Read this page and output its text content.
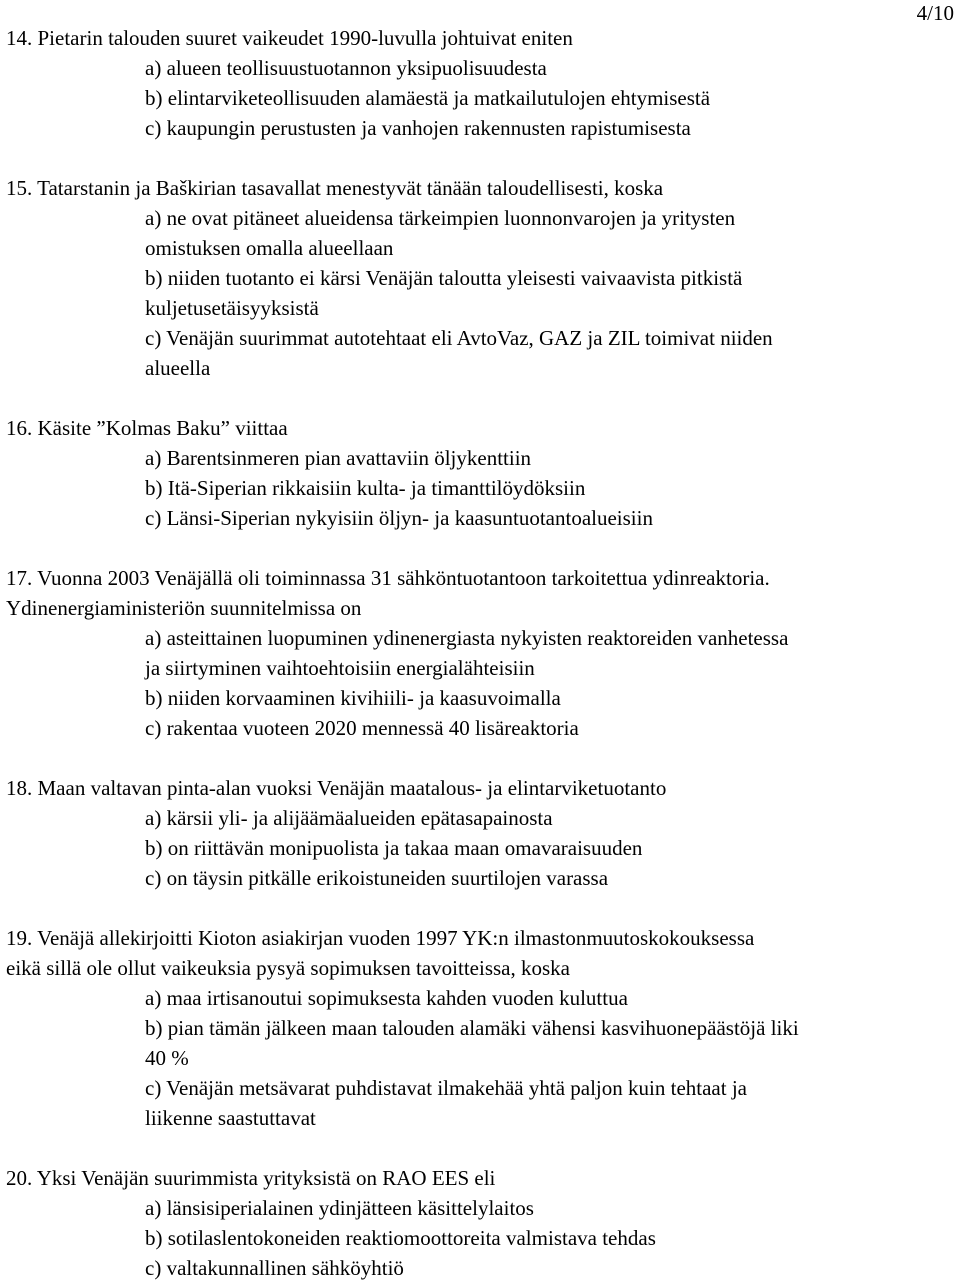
4/10
14. Pietarin talouden suuret vaikeudet 1990-luvulla johtuivat eniten
a) alueen teollisuustuotannon yksipuolisuudesta
b) elintarviketeollisuuden alamäestä ja matkailutulojen ehtymisestä
c) kaupungin perustusten ja vanhojen rakennusten rapistumisesta
15. Tatarstanin ja Baškirian tasavallat menestyvät tänään taloudellisesti, koska
a) ne ovat pitäneet alueidensa tärkeimpien luonnonvarojen ja yritysten
omistuksen omalla alueellaan
b) niiden tuotanto ei kärsi Venäjän taloutta yleisesti vaivaavista pitkistä
kuljetusetäisyyksistä
c) Venäjän suurimmat autotehtaat eli AvtoVaz, GAZ ja ZIL toimivat niiden
alueella
16. Käsite ”Kolmas Baku” viittaa
a) Barentsinmeren pian avattaviin öljykenttiin
b) Itä-Siperian rikkaisiin kulta- ja timanttilöydöksiin
c) Länsi-Siperian nykyisiin öljyn- ja kaasuntuotantoalueisiin
17. Vuonna 2003 Venäjällä oli toiminnassa 31 sähköntuotantoon tarkoitettua ydinreaktoria.
Ydinenergiaministeriön suunnitelmissa on
a) asteittainen luopuminen ydinenergiasta nykyisten reaktoreiden vanhetessa
ja siirtyminen vaihtoehtoisiin energialähteisiin
b) niiden korvaaminen kivihiili- ja kaasuvoimalla
c) rakentaa vuoteen 2020 mennessä 40 lisäreaktoria
18. Maan valtavan pinta-alan vuoksi Venäjän maatalous- ja elintarviketuotanto
a) kärsii yli- ja alijäämäalueiden epätasapainosta
b) on riittävän monipuolista ja takaa maan omavaraisuuden
c) on täysin pitkälle erikoistuneiden suurtilojen varassa
19. Venäjä allekirjoitti Kioton asiakirjan vuoden 1997 YK:n ilmastonmuutoskokouksessa
eikä sillä ole ollut vaikeuksia pysyä sopimuksen tavoitteissa, koska
a) maa irtisanoutui sopimuksesta kahden vuoden kuluttua
b) pian tämän jälkeen maan talouden alamäki vähensi kasvihuonepäästöjä liki
40 %
c) Venäjän metsävarat puhdistavat ilmakehää yhtä paljon kuin tehtaat ja
liikenne saastuttavat
20. Yksi Venäjän suurimmista yrityksistä on RAO EES eli
a) länsisiperialainen ydinjätteen käsittelylaitos
b) sotilaslentokoneiden reaktiomoottoreita valmistava tehdas
c) valtakunnallinen sähköyhtiö
